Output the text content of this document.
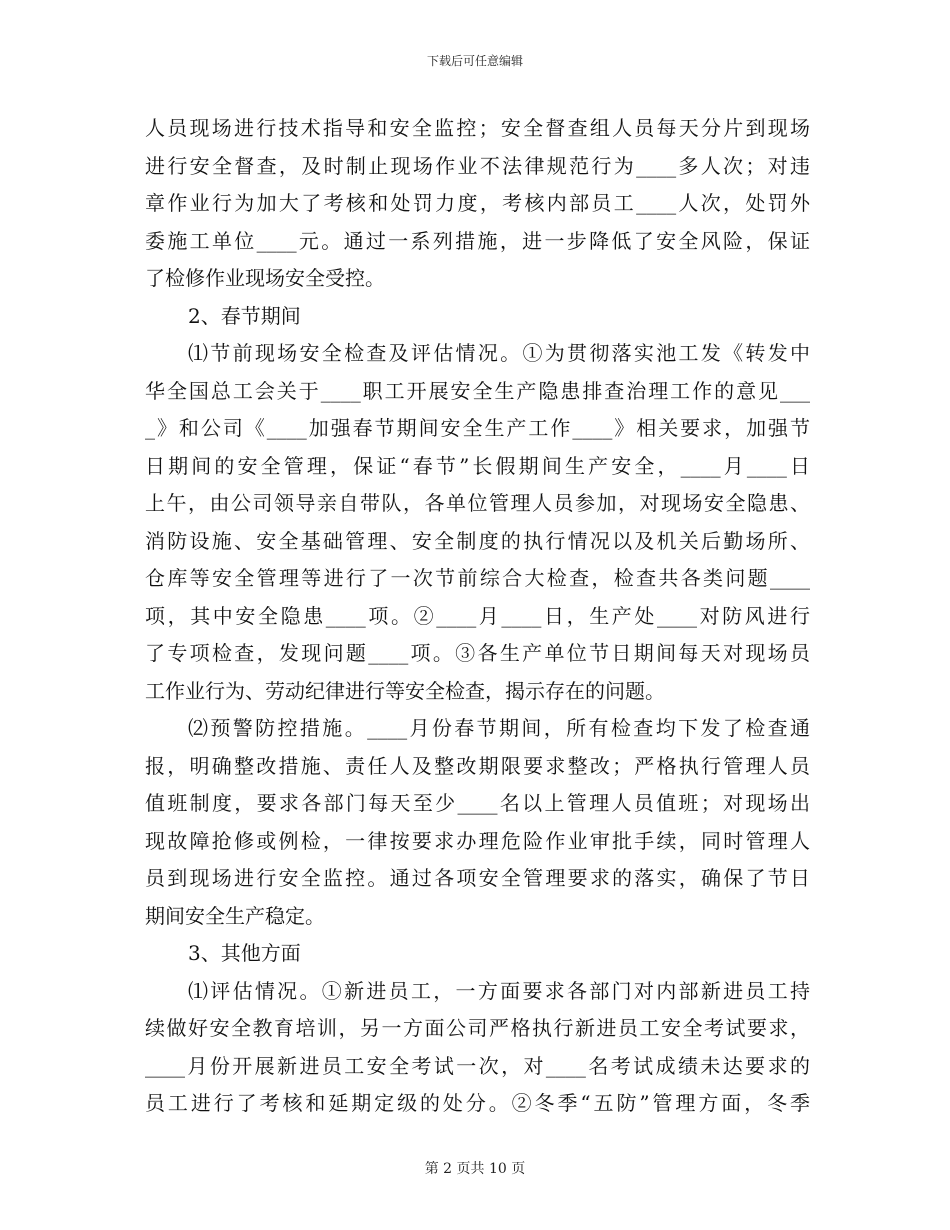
下载后可任意编辑
人员现场进行技术指导和安全监控；安全督查组人员每天分片到现场
进行安全督查，及时制止现场作业不法律规范行为____多人次；对违
章作业行为加大了考核和处罚力度，考核内部员工____人次，处罚外
委施工单位____元。通过一系列措施，进一步降低了安全风险，保证
了检修作业现场安全受控。
2、春节期间
⑴节前现场安全检查及评估情况。①为贯彻落实池工发《转发中
华全国总工会关于____职工开展安全生产隐患排查治理工作的意见___
_》和公司《____加强春节期间安全生产工作____》相关要求，加强节
日期间的安全管理，保证“春节”长假期间生产安全，____月____日
上午，由公司领导亲自带队，各单位管理人员参加，对现场安全隐患、
消防设施、安全基础管理、安全制度的执行情况以及机关后勤场所、
仓库等安全管理等进行了一次节前综合大检查，检查共各类问题____
项，其中安全隐患____项。②____月____日，生产处____对防风进行
了专项检查，发现问题____项。③各生产单位节日期间每天对现场员
工作业行为、劳动纪律进行等安全检查，揭示存在的问题。
⑵预警防控措施。____月份春节期间，所有检查均下发了检查通
报，明确整改措施、责任人及整改期限要求整改；严格执行管理人员
值班制度，要求各部门每天至少____名以上管理人员值班；对现场出
现故障抢修或例检，一律按要求办理危险作业审批手续，同时管理人
员到现场进行安全监控。通过各项安全管理要求的落实，确保了节日
期间安全生产稳定。
3、其他方面
⑴评估情况。①新进员工，一方面要求各部门对内部新进员工持
续做好安全教育培训，另一方面公司严格执行新进员工安全考试要求，
____月份开展新进员工安全考试一次，对____名考试成绩未达要求的
员工进行了考核和延期定级的处分。②冬季“五防”管理方面，冬季
第 2 页共 10 页
